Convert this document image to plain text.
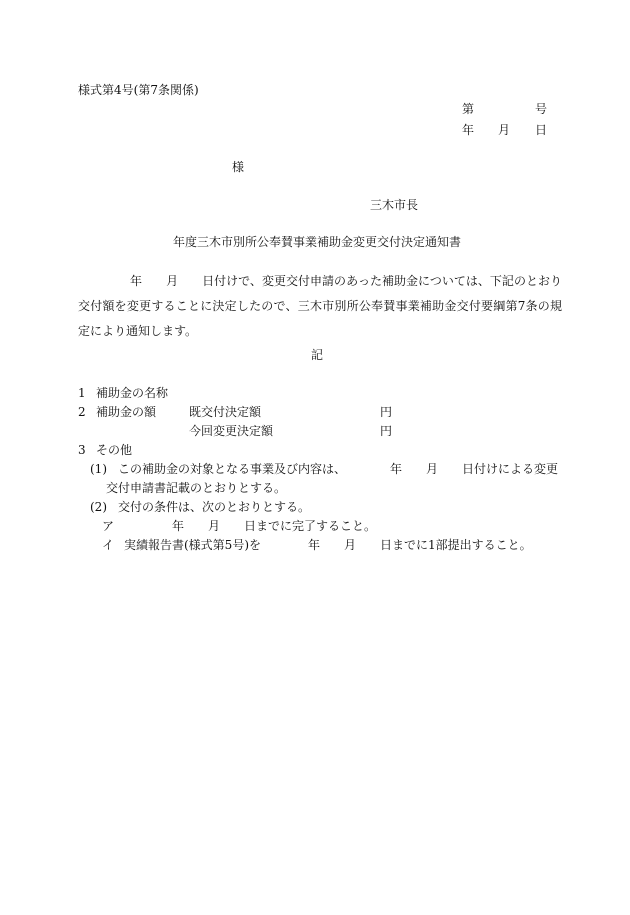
様式第4号(第7条関係)
第	号
年 月 日
様
三木市長
年度三木市別所公奉賛事業補助金変更交付決定通知書
年 月 日付けで、変更交付申請のあった補助金については、下記のとおり交付額を変更することに決定したので、三木市別所公奉賛事業補助金交付要綱第7条の規定により通知します。
記
1 補助金の名称
2 補助金の額	既交付決定額	円
今回変更決定額	円
3 その他
(1) この補助金の対象となる事業及び内容は、	年 月 日付けによる変更
交付申請書記載のとおりとする。
(2) 交付の条件は、次のとおりとする。
ア	年 月 日までに完了すること。
イ 実績報告書(様式第5号)を	年 月 日までに1部提出すること。
